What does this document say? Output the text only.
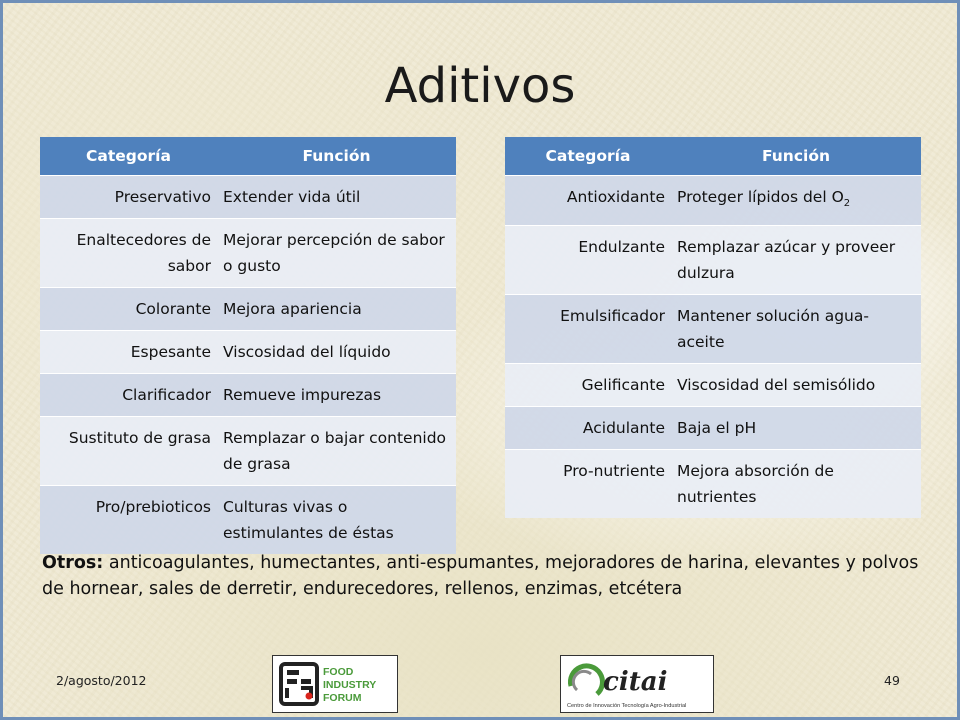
Aditivos
Categoría	Función
Preservativo	Extender vida útil
Enaltecedores de sabor	Mejorar percepción de sabor o gusto
Colorante	Mejora apariencia
Espesante	Viscosidad del líquido
Clarificador	Remueve impurezas
Sustituto de grasa	Remplazar o bajar contenido de grasa
Pro/prebioticos	Culturas vivas o estimulantes de éstas
Categoría	Función
Antioxidante	Proteger lípidos del $O_2$
Endulzante	Remplazar azúcar y proveer dulzura
Emulsificador	Mantener solución agua-aceite
Gelificante	Viscosidad del semisólido
Acidulante	Baja el pH
Pro-nutriente	Mejora absorción de nutrientes
Otros: anticoagulantes, humectantes, anti-espumantes, mejoradores de harina, elevantes y polvos de hornear, sales de derretir, endurecedores, rellenos, enzimas, etcétera
2/agosto/2012	49
FOOD
INDUSTRY
FORUM
citai
Centro de Innovación Tecnología Agro-Industrial
